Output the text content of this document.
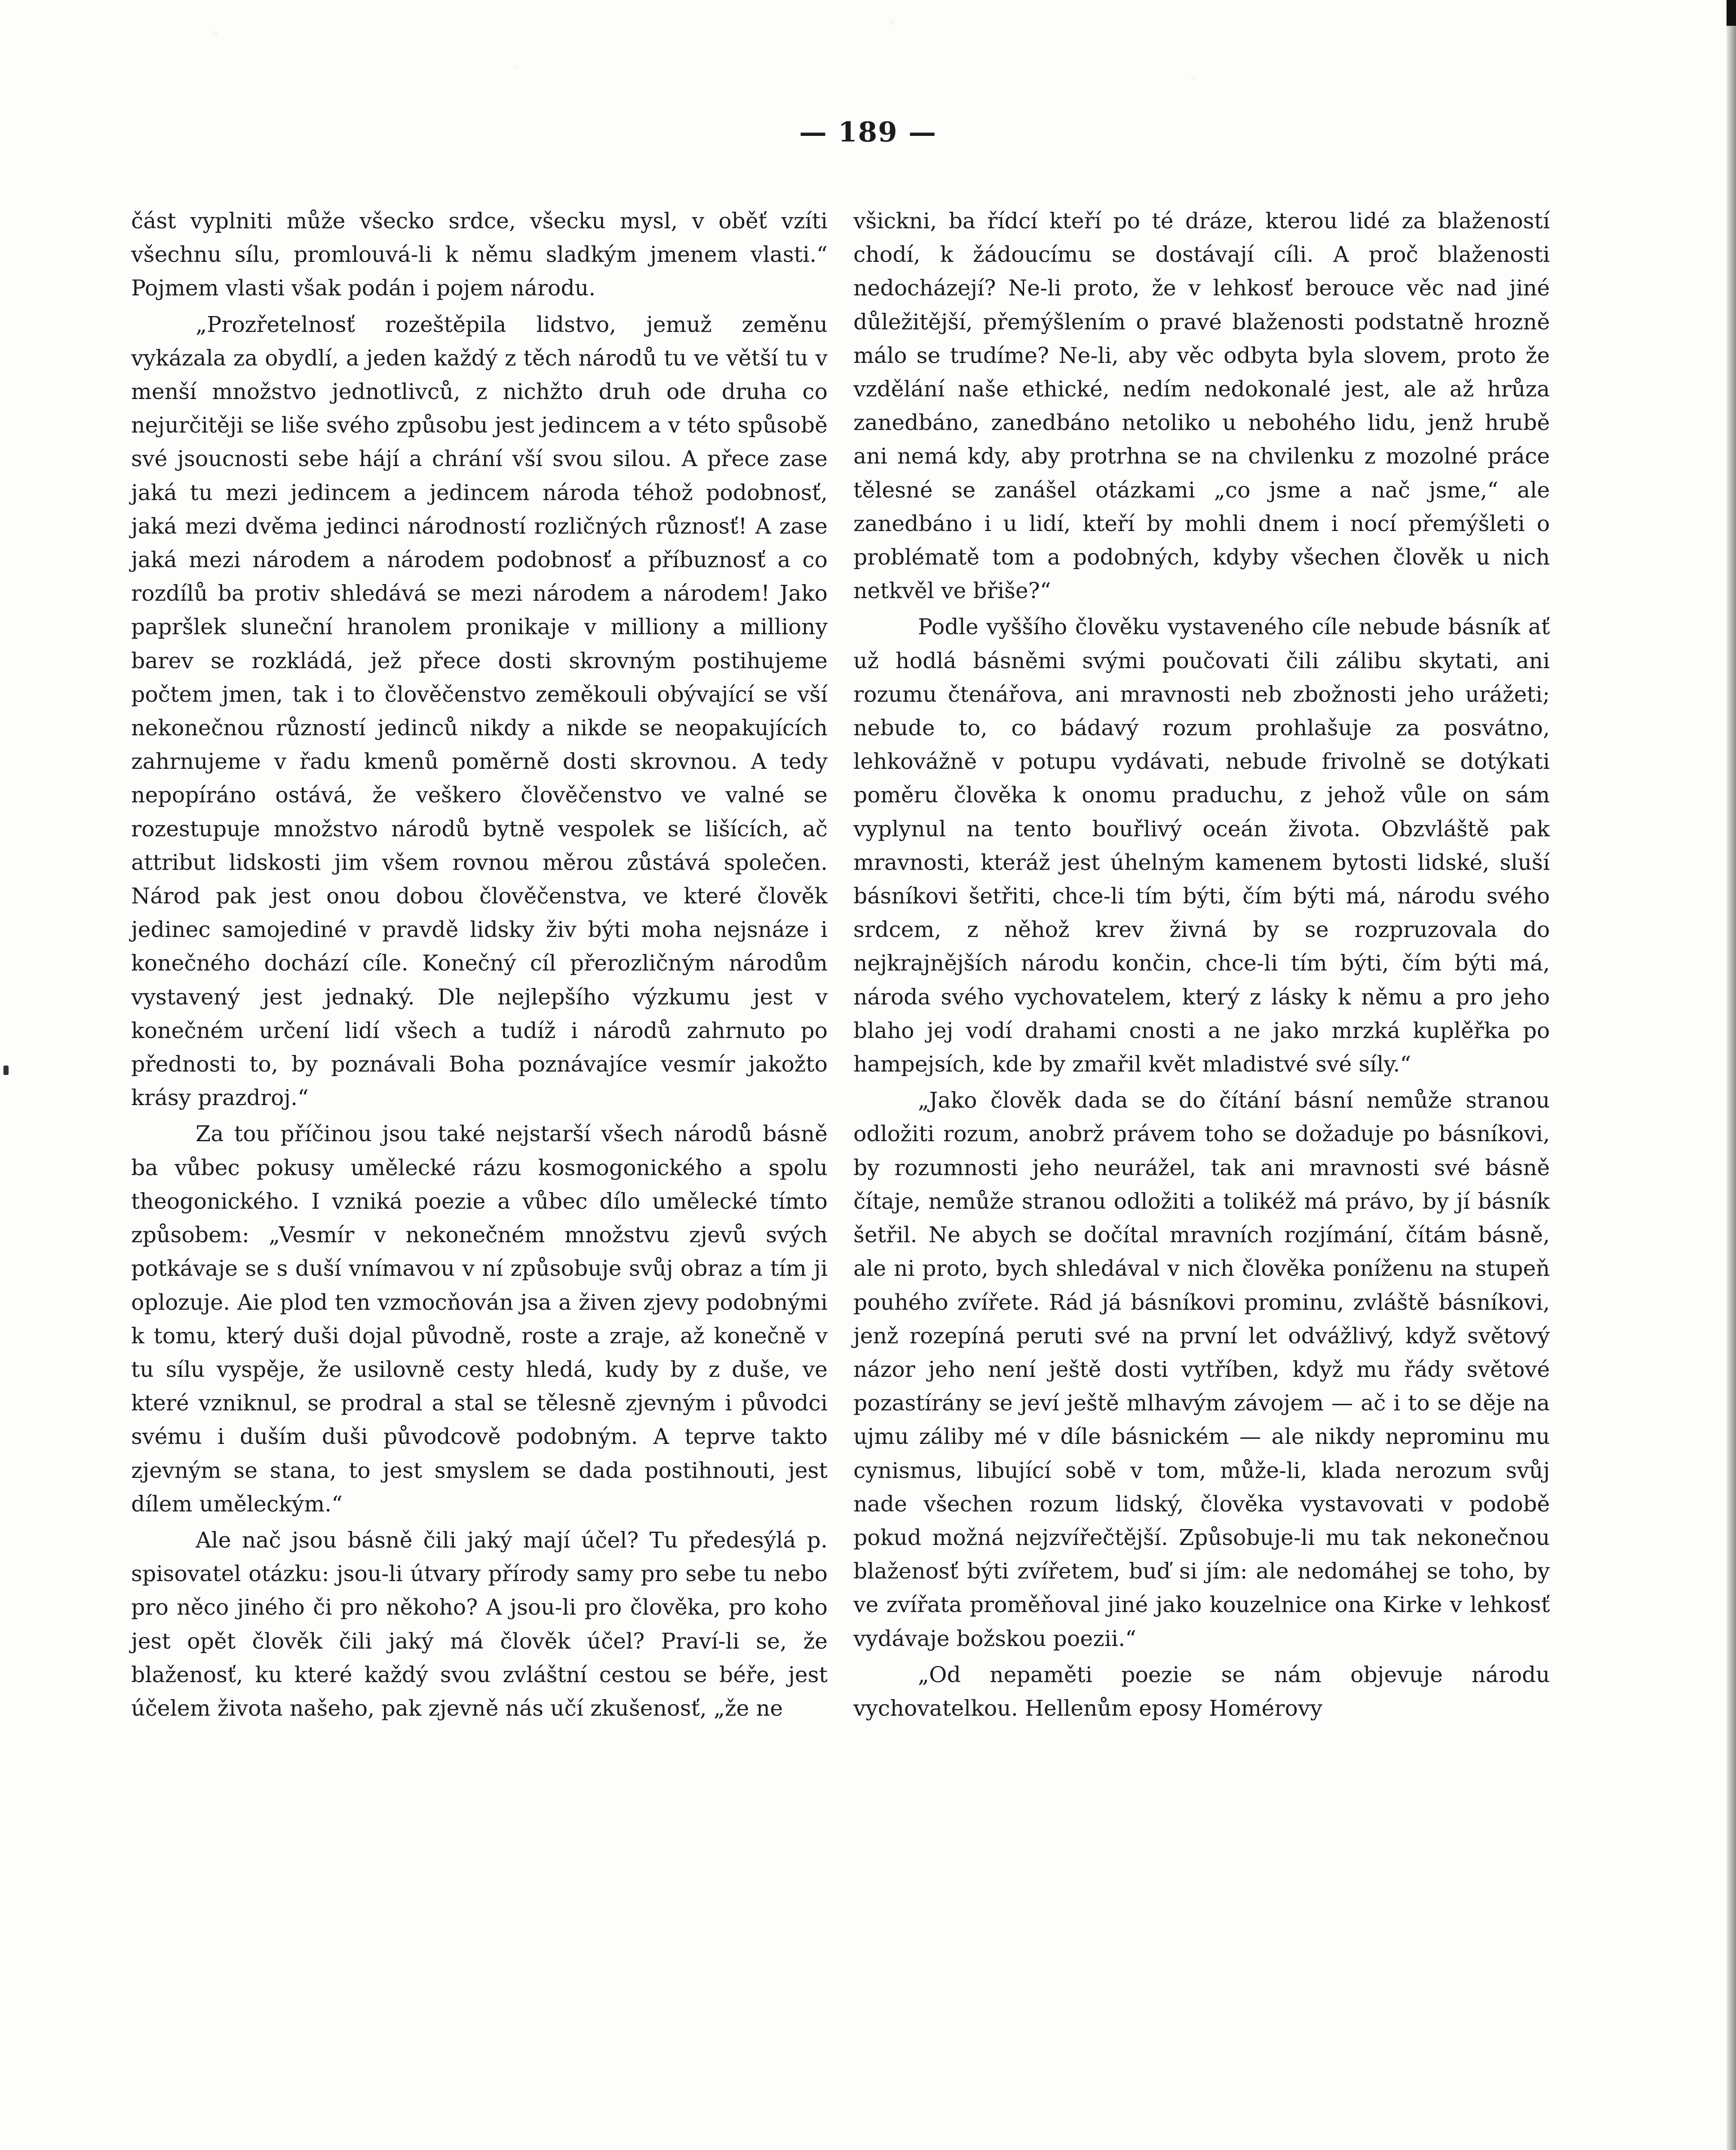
— 189 —

část vyplniti může všecko srdce, všecku mysl, v oběť vzíti všechnu sílu, promlouvá-li k němu sladkým jmenem vlasti.“ Pojmem vlasti však podán i pojem národu.

„Prozřetelnosť rozeštěpila lidstvo, jemuž zeměnu vykázala za obydlí, a jeden každý z těch národů tu ve větší tu v menší množstvo jednotlivců, z nichžto druh ode druha co nejurčitěji se liše svého způsobu jest jedincem a v této spůsobě své jsoucnosti sebe hájí a chrání vší svou silou. A přece zase jaká tu mezi jedincem a jedincem národa téhož podobnosť, jaká mezi dvěma jedinci národností rozličných různosť! A zase jaká mezi národem a národem podobnosť a příbuznosť a co rozdílů ba protiv shledává se mezi národem a národem! Jako papršlek sluneční hranolem pronikaje v milliony a milliony barev se rozkládá, jež přece dosti skrovným postihujeme počtem jmen, tak i to člověčenstvo zeměkouli obývající se vší nekonečnou růzností jedinců nikdy a nikde se neopakujících zahrnujeme v řadu kmenů poměrně dosti skrovnou. A tedy nepopíráno ostává, že veškero člověčenstvo ve valné se rozestupuje množstvo národů bytně vespolek se lišících, ač attribut lidskosti jim všem rovnou měrou zůstává společen. Národ pak jest onou dobou člověčenstva, ve které člověk jedinec samojediné v pravdě lidsky živ býti moha nejsnáze i konečného dochází cíle. Konečný cíl přerozličným národům vystavený jest jednaký. Dle nejlepšího výzkumu jest v konečném určení lidí všech a tudíž i národů zahrnuto po přednosti to, by poznávali Boha poznávajíce vesmír jakožto krásy prazdroj.“

Za tou příčinou jsou také nejstarší všech národů básně ba vůbec pokusy umělecké rázu kosmogonického a spolu theogonického. I vzniká poezie a vůbec dílo umělecké tímto způsobem: „Vesmír v nekonečném množstvu zjevů svých potkávaje se s duší vnímavou v ní způsobuje svůj obraz a tím ji oplozuje. Aie plod ten vzmocňován jsa a živen zjevy podobnými k tomu, který duši dojal původně, roste a zraje, až konečně v tu sílu vyspěje, že usilovně cesty hledá, kudy by z duše, ve které vzniknul, se prodral a stal se tělesně zjevným i původci svému i duším duši původcově podobným. A teprve takto zjevným se stana, to jest smyslem se dada postihnouti, jest dílem uměleckým.“

Ale nač jsou básně čili jaký mají účel? Tu předesýlá p. spisovatel otázku: jsou-li útvary přírody samy pro sebe tu nebo pro něco jiného či pro někoho? A jsou-li pro člověka, pro koho jest opět člověk čili jaký má člověk účel? Praví-li se, že blaženosť, ku které každý svou zvláštní cestou se béře, jest účelem života našeho, pak zjevně nás učí zkušenosť, „že ne

všickni, ba řídcí kteří po té dráze, kterou lidé za blažeností chodí, k žádoucímu se dostávají cíli. A proč blaženosti nedocházejí? Ne-li proto, že v lehkosť berouce věc nad jiné důležitější, přemýšlením o pravé blaženosti podstatně hrozně málo se trudíme? Ne-li, aby věc odbyta byla slovem, proto že vzdělání naše ethické, nedím nedokonalé jest, ale až hrůza zanedbáno, zanedbáno netoliko u nebohého lidu, jenž hrubě ani nemá kdy, aby protrhna se na chvilenku z mozolné práce tělesné se zanášel otázkami „co jsme a nač jsme,“ ale zanedbáno i u lidí, kteří by mohli dnem i nocí přemýšleti o problématě tom a podobných, kdyby všechen člověk u nich netkvěl ve břiše?“

Podle vyššího člověku vystaveného cíle nebude básník ať už hodlá básněmi svými poučovati čili zálibu skytati, ani rozumu čtenářova, ani mravnosti neb zbožnosti jeho urážeti; nebude to, co bádavý rozum prohlašuje za posvátno, lehkovážně v potupu vydávati, nebude frivolně se dotýkati poměru člověka k onomu praduchu, z jehož vůle on sám vyplynul na tento bouřlivý oceán života. Obzvláště pak mravnosti, kteráž jest úhelným kamenem bytosti lidské, sluší básníkovi šetřiti, chce-li tím býti, čím býti má, národu svého srdcem, z něhož krev živná by se rozpruzovala do nejkrajnějších národu končin, chce-li tím býti, čím býti má, národa svého vychovatelem, který z lásky k němu a pro jeho blaho jej vodí drahami cnosti a ne jako mrzká kuplěřka po hampejsích, kde by zmařil květ mladistvé své síly.“

„Jako člověk dada se do čítání básní nemůže stranou odložiti rozum, anobrž právem toho se dožaduje po básníkovi, by rozumnosti jeho neurážel, tak ani mravnosti své básně čítaje, nemůže stranou odložiti a tolikéž má právo, by jí básník šetřil. Ne abych se dočítal mravních rozjímání, čítám básně, ale ni proto, bych shledával v nich člověka poníženu na stupeň pouhého zvířete. Rád já básníkovi prominu, zvláště básníkovi, jenž rozepíná peruti své na první let odvážlivý, když světový názor jeho není ještě dosti vytříben, když mu řády světové pozastírány se jeví ještě mlhavým závojem — ač i to se děje na ujmu záliby mé v díle básnickém — ale nikdy neprominu mu cynismus, libující sobě v tom, může-li, klada nerozum svůj nade všechen rozum lidský, člověka vystavovati v podobě pokud možná nejzvířečtější. Způsobuje-li mu tak nekonečnou blaženosť býti zvířetem, buď si jím: ale nedomáhej se toho, by ve zvířata proměňoval jiné jako kouzelnice ona Kirke v lehkosť vydávaje božskou poezii.“

„Od nepaměti poezie se nám objevuje národu vychovatelkou. Hellenům eposy Homérovy
